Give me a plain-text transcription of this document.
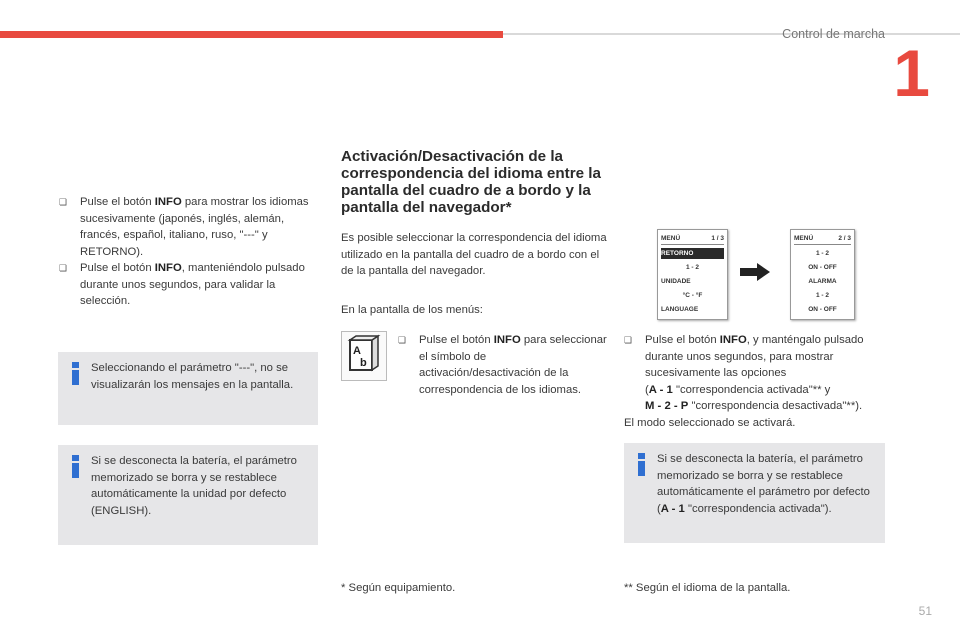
Control de marcha
1

❏ Pulse el botón INFO para mostrar los idiomas sucesivamente (japonés, inglés, alemán, francés, español, italiano, ruso, "---" y RETORNO).

❏ Pulse el botón INFO, manteniéndolo pulsado durante unos segundos, para validar la selección.

Seleccionando el parámetro "---", no se visualizarán los mensajes en la pantalla.
Si se desconecta la batería, el parámetro memorizado se borra y se restablece automáticamente la unidad por defecto (ENGLISH).

Activación/Desactivación de la correspondencia del idioma entre la pantalla del cuadro de a bordo y la pantalla del navegador*

Es posible seleccionar la correspondencia del idioma utilizado en la pantalla del cuadro de a bordo con el de la pantalla del navegador.

En la pantalla de los menús:

A
b

❏ Pulse el botón INFO para seleccionar el símbolo de activación/desactivación de la correspondencia de los idiomas.

* Según equipamiento.
MENÚ	1 / 3
RETORNO
1 - 2
UNIDADE
°C - °F
LANGUAGE
MENÚ	2 / 3
1 - 2
ON - OFF
ALARMA
1 - 2
ON - OFF

❏ Pulse el botón INFO, y manténgalo pulsado durante unos segundos, para mostrar sucesivamente las opciones
(A - 1 "correspondencia activada"** y
M - 2 - P "correspondencia desactivada"**).

El modo seleccionado se activará.

Si se desconecta la batería, el parámetro memorizado se borra y se restablece automáticamente el parámetro por defecto
(A - 1 "correspondencia activada").
** Según el idioma de la pantalla.
51
